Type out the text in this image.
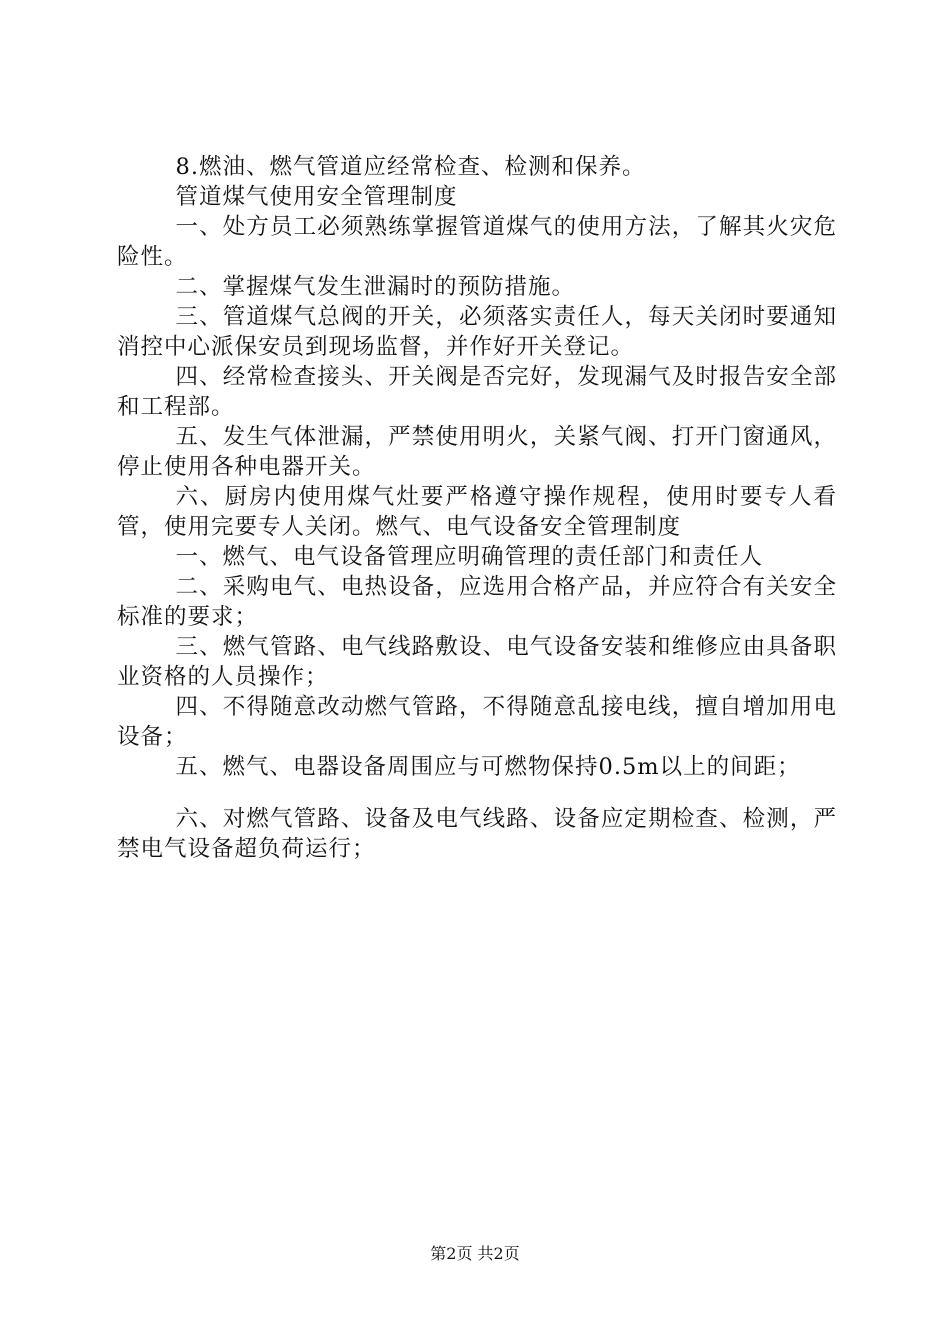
8.燃油、燃气管道应经常检查、检测和保养。

管道煤气使用安全管理制度

一、处方员工必须熟练掌握管道煤气的使用方法，了解其火灾危险性。

二、掌握煤气发生泄漏时的预防措施。

三、管道煤气总阀的开关，必须落实责任人，每天关闭时要通知消控中心派保安员到现场监督，并作好开关登记。

四、经常检查接头、开关阀是否完好，发现漏气及时报告安全部和工程部。

五、发生气体泄漏，严禁使用明火，关紧气阀、打开门窗通风，停止使用各种电器开关。

六、厨房内使用煤气灶要严格遵守操作规程，使用时要专人看管，使用完要专人关闭。燃气、电气设备安全管理制度

一、燃气、电气设备管理应明确管理的责任部门和责任人

二、采购电气、电热设备，应选用合格产品，并应符合有关安全标准的要求；

三、燃气管路、电气线路敷设、电气设备安装和维修应由具备职业资格的人员操作；

四、不得随意改动燃气管路，不得随意乱接电线，擅自增加用电设备；

五、燃气、电器设备周围应与可燃物保持0.5m以上的间距；

六、对燃气管路、设备及电气线路、设备应定期检查、检测，严禁电气设备超负荷运行；

第2页 共2页
